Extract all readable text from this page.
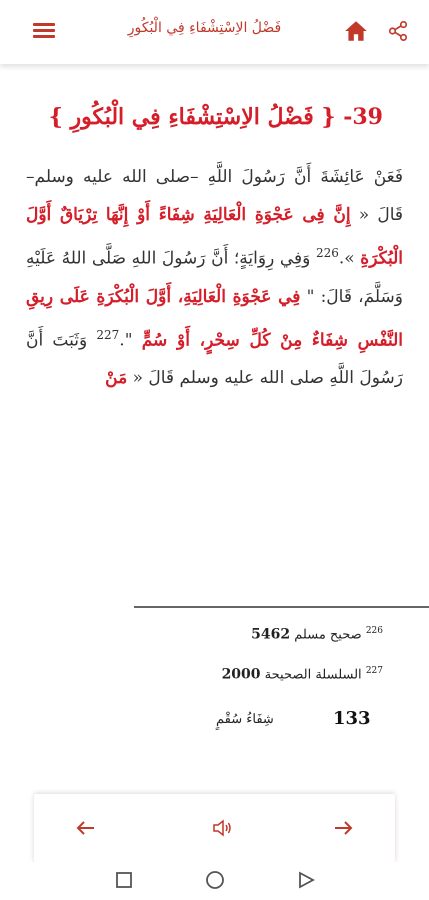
فَضْلُ الاِسْتِشْفَاءِ فِي الْبُكُورِ
39- { فَضْلُ الاِسْتِشْفَاءِ فِي الْبُكُورِ }
فَعَنْ عَائِشَةَ أَنَّ رَسُولَ اللَّهِ –صلى الله عليه وسلم– قَالَ « إِنَّ فِى عَجْوَةِ الْعَالِيَةِ شِفَاءً أَوْ إِنَّهَا تِرْيَاقٌ أَوَّلَ الْبُكْرَةِ ».$^{226}$ وَفِي رِوَايَةٍ؛ أَنَّ رَسُولَ اللهِ صَلَّى اللهُ عَلَيْهِ وَسَلَّمَ، قَالَ: " فِي عَجْوَةِ الْعَالِيَةِ، أَوَّلَ الْبُكْرَةِ عَلَى رِيقِ النَّفْسِ شِفَاءٌ مِنْ كُلِّ سِحْرٍ، أَوْ سُمٍّ ".$^{227}$ وَثَبَتَ أَنَّ رَسُولَ اللَّهِ صلى الله عليه وسلم قَالَ « مَنْ
$^{226}$ صحيح مسلم 5462
$^{227}$ السلسلة الصحيحة 2000
133
شِفَاءُ سُقْمٍ
